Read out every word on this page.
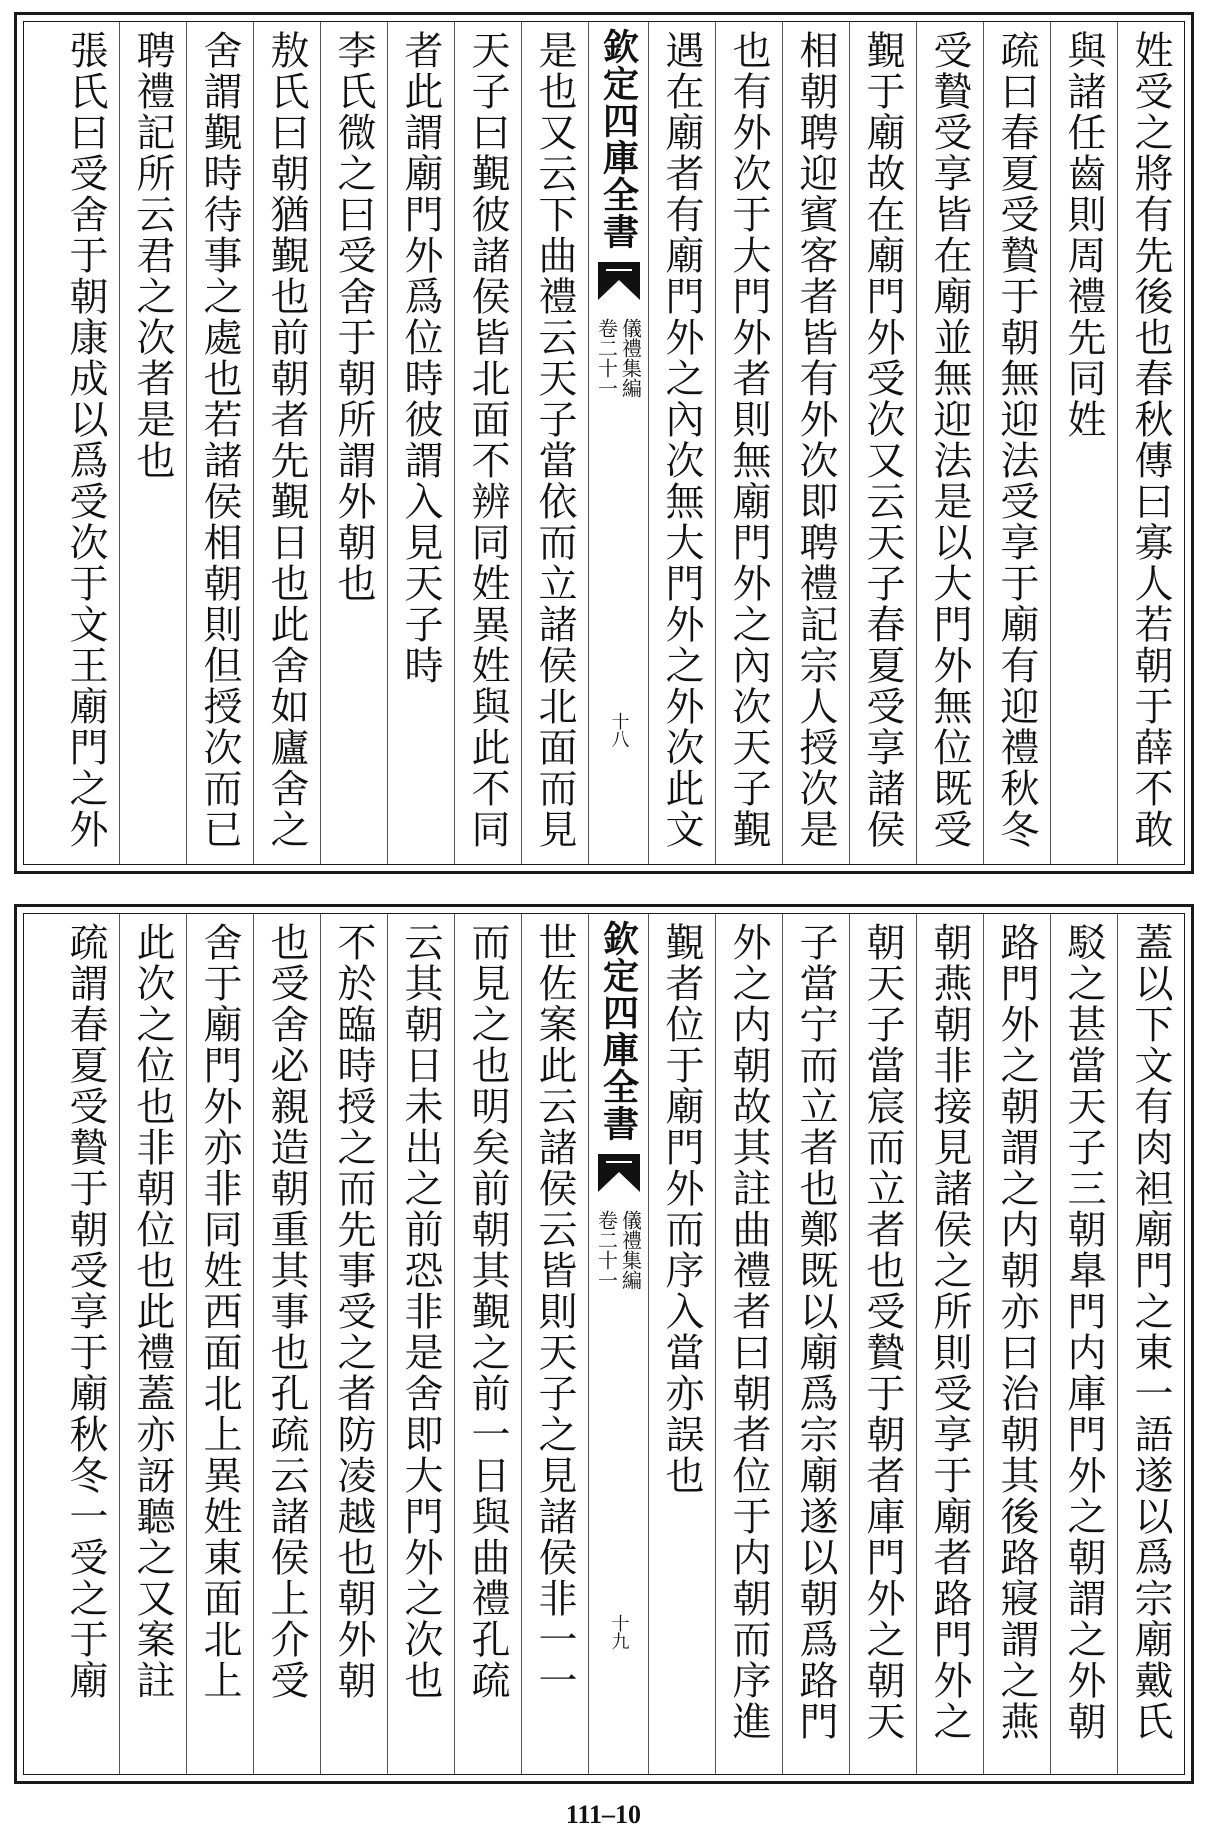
姓受之將有先後也春秋傳曰寡人若朝于薛不敢
與諸任齒則周禮先同姓
疏曰春夏受贄于朝無迎法受享于廟有迎禮秋冬
受贄受享皆在廟並無迎法是以大門外無位既受
覲于廟故在廟門外受次又云天子春夏受享諸侯
相朝聘迎賓客者皆有外次即聘禮記宗人授次是
也有外次于大門外者則無廟門外之內次天子覲
遇在廟者有廟門外之內次無大門外之外次此文
欽定四庫全書
儀禮集編
卷二十一
十八
是也又云下曲禮云天子當依而立諸侯北面而見
天子曰覲彼諸侯皆北面不辨同姓異姓與此不同
者此謂廟門外爲位時彼謂入見天子時
李氏微之曰受舍于朝所謂外朝也
敖氏曰朝猶覲也前朝者先覲日也此舍如廬舍之
舍謂覲時待事之處也若諸侯相朝則但授次而已
聘禮記所云君之次者是也
張氏曰受舍于朝康成以爲受次于文王廟門之外
蓋以下文有肉袒廟門之東一語遂以爲宗廟戴氏
駁之甚當天子三朝臯門内庫門外之朝謂之外朝
路門外之朝謂之内朝亦曰治朝其後路寢謂之燕
朝燕朝非接見諸侯之所則受享于廟者路門外之
朝天子當宸而立者也受贄于朝者庫門外之朝天
子當宁而立者也鄭既以廟爲宗廟遂以朝爲路門
外之内朝故其註曲禮者曰朝者位于内朝而序進
覲者位于廟門外而序入當亦誤也
欽定四庫全書
儀禮集編
卷二十一
十九
世佐案此云諸侯云皆則天子之見諸侯非一一
而見之也明矣前朝其覲之前一日與曲禮孔疏
云其朝日未出之前恐非是舍即大門外之次也
不於臨時授之而先事受之者防凌越也朝外朝
也受舍必親造朝重其事也孔疏云諸侯上介受
舍于廟門外亦非同姓西面北上異姓東面北上
此次之位也非朝位也此禮蓋亦訝聽之又案註
疏謂春夏受贄于朝受享于廟秋冬一受之于廟
111–10
